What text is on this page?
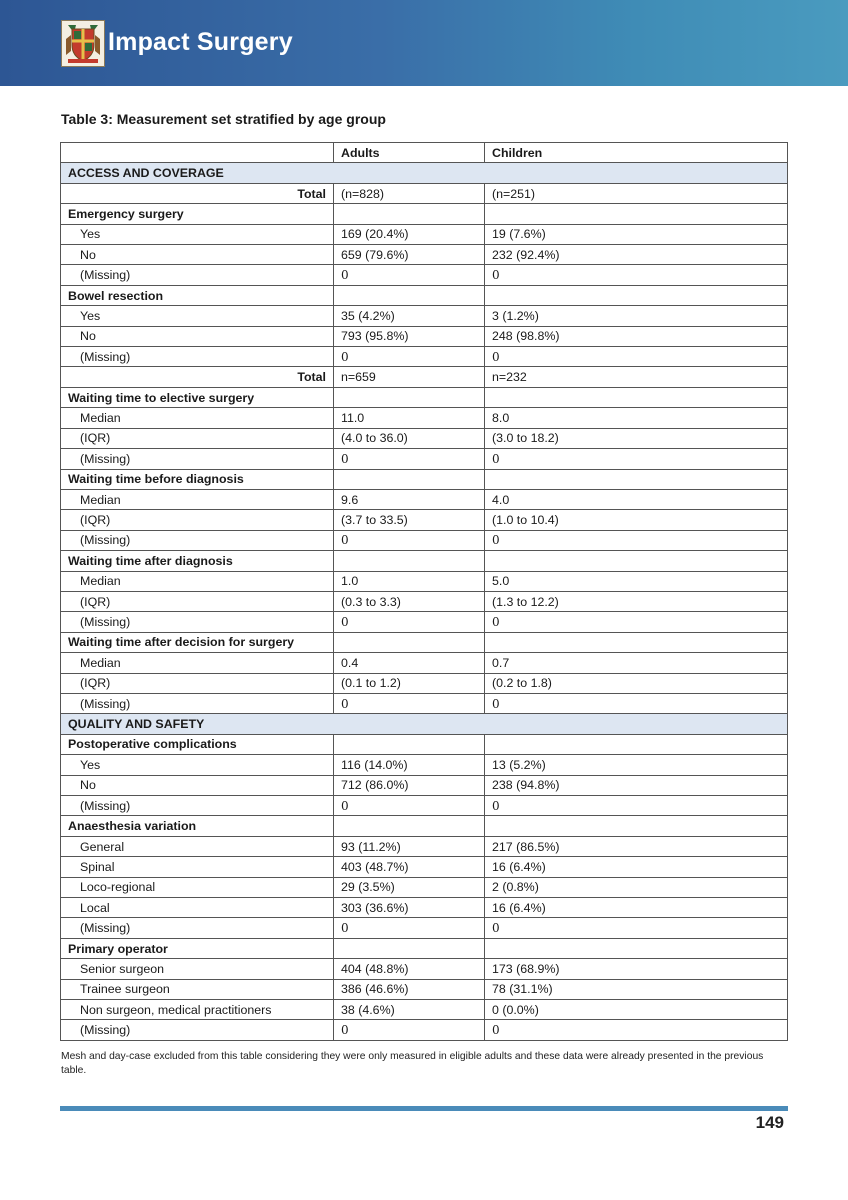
Impact Surgery
Table 3: Measurement set stratified by age group
	Adults	Children
ACCESS AND COVERAGE		
Total	(n=828)	(n=251)
Emergency surgery		
Yes	169 (20.4%)	19 (7.6%)
No	659 (79.6%)	232 (92.4%)
(Missing)	0	0
Bowel resection		
Yes	35 (4.2%)	3 (1.2%)
No	793 (95.8%)	248 (98.8%)
(Missing)	0	0
Total	n=659	n=232
Waiting time to elective surgery		
Median	11.0	8.0
(IQR)	(4.0 to 36.0)	(3.0 to 18.2)
(Missing)	0	0
Waiting time before diagnosis		
Median	9.6	4.0
(IQR)	(3.7 to 33.5)	(1.0 to 10.4)
(Missing)	0	0
Waiting time after diagnosis		
Median	1.0	5.0
(IQR)	(0.3 to 3.3)	(1.3 to 12.2)
(Missing)	0	0
Waiting time after decision for surgery		
Median	0.4	0.7
(IQR)	(0.1 to 1.2)	(0.2 to 1.8)
(Missing)	0	0
QUALITY AND SAFETY		
Postoperative complications		
Yes	116 (14.0%)	13 (5.2%)
No	712 (86.0%)	238 (94.8%)
(Missing)	0	0
Anaesthesia variation		
General	93 (11.2%)	217 (86.5%)
Spinal	403 (48.7%)	16 (6.4%)
Loco-regional	29 (3.5%)	2 (0.8%)
Local	303 (36.6%)	16 (6.4%)
(Missing)	0	0
Primary operator		
Senior surgeon	404 (48.8%)	173 (68.9%)
Trainee surgeon	386 (46.6%)	78 (31.1%)
Non surgeon, medical practitioners	38 (4.6%)	0 (0.0%)
(Missing)	0	0
Mesh and day-case excluded from this table considering they were only measured in eligible adults and these data were already presented in the previous table.
149
